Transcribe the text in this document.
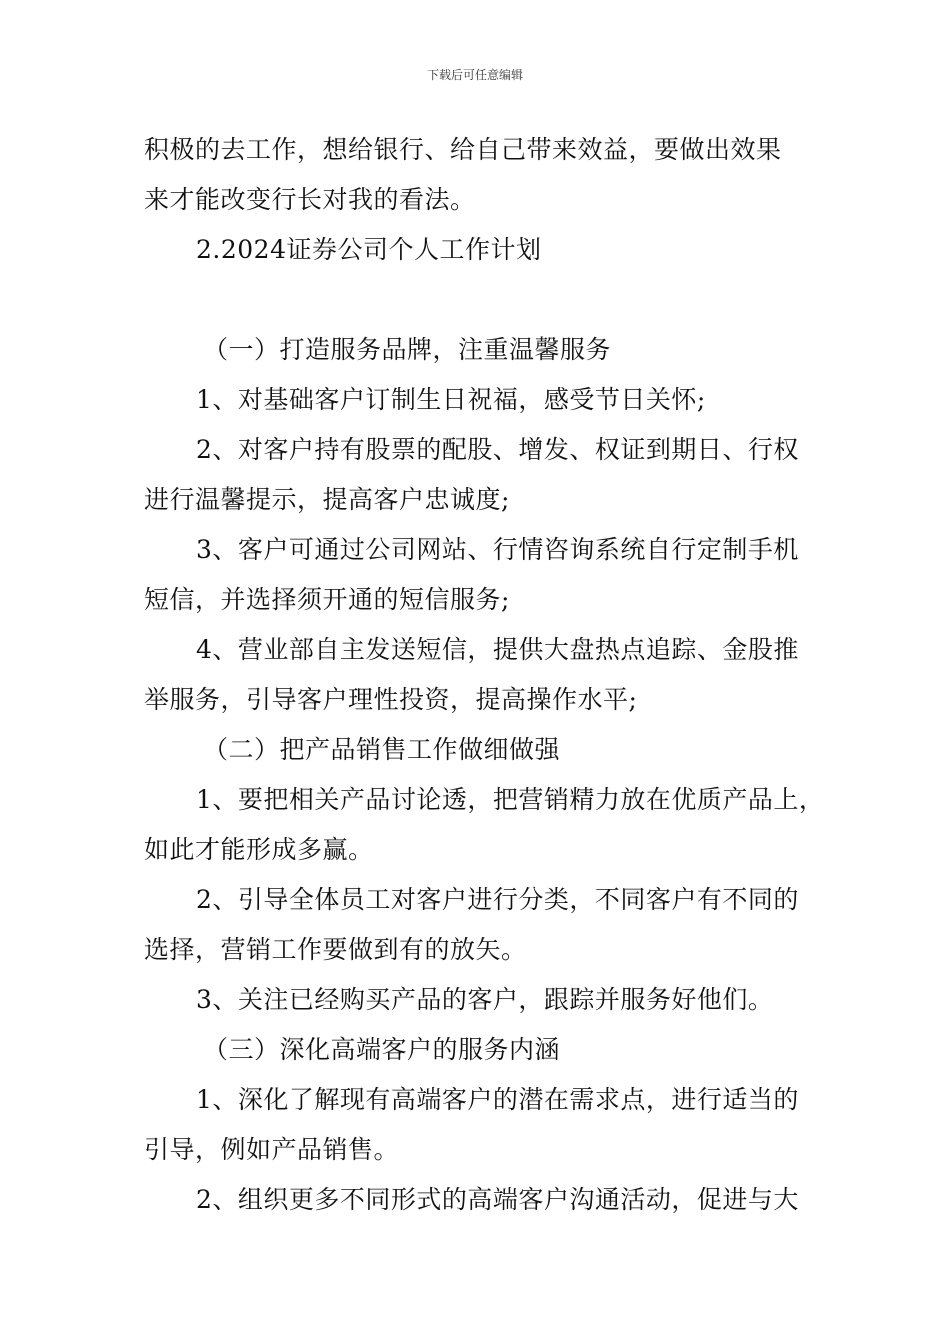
下载后可任意编辑
积极的去工作，想给银行、给自己带来效益，要做出效果
来才能改变行长对我的看法。
2.2024证券公司个人工作计划
（一）打造服务品牌，注重温馨服务
1、对基础客户订制生日祝福，感受节日关怀;
2、对客户持有股票的配股、增发、权证到期日、行权
进行温馨提示，提高客户忠诚度;
3、客户可通过公司网站、行情咨询系统自行定制手机
短信，并选择须开通的短信服务;
4、营业部自主发送短信，提供大盘热点追踪、金股推
举服务，引导客户理性投资，提高操作水平;
（二）把产品销售工作做细做强
1、要把相关产品讨论透，把营销精力放在优质产品上，
如此才能形成多赢。
2、引导全体员工对客户进行分类，不同客户有不同的
选择，营销工作要做到有的放矢。
3、关注已经购买产品的客户，跟踪并服务好他们。
（三）深化高端客户的服务内涵
1、深化了解现有高端客户的潜在需求点，进行适当的
引导，例如产品销售。
2、组织更多不同形式的高端客户沟通活动，促进与大
